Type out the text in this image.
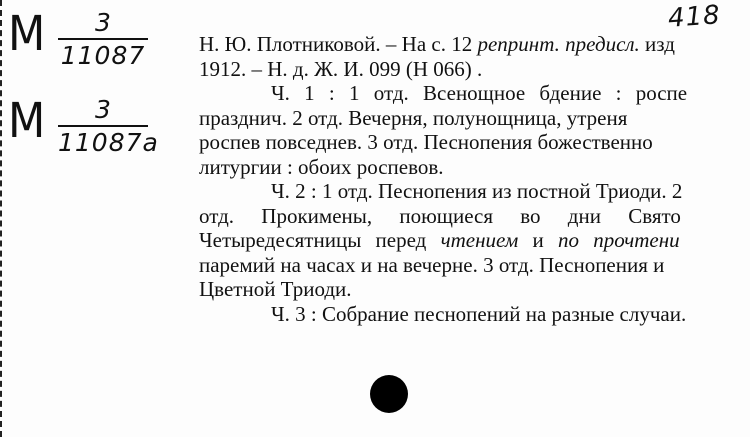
M	3
11087
M	3
11087а
418
Н. Ю. Плотниковой. – На с. 12 репринт. предисл. изд
1912. – Н. д. Ж. И. 099 (Н 066) .
Ч. 1 : 1 отд. Всенощное бдение : роспе
празднич. 2 отд. Вечерня, полунощница, утреня
роспев повседнев. 3 отд. Песнопения божественно
литургии : обоих роспевов.
Ч. 2 : 1 отд. Песнопения из постной Триоди. 2
отд. Прокимены, поющиеся во дни Свято
Четыредесятницы перед чтением и по прочтени
паремий на часах и на вечерне. 3 отд. Песнопения и
Цветной Триоди.
Ч. 3 : Собрание песнопений на разные случаи.
